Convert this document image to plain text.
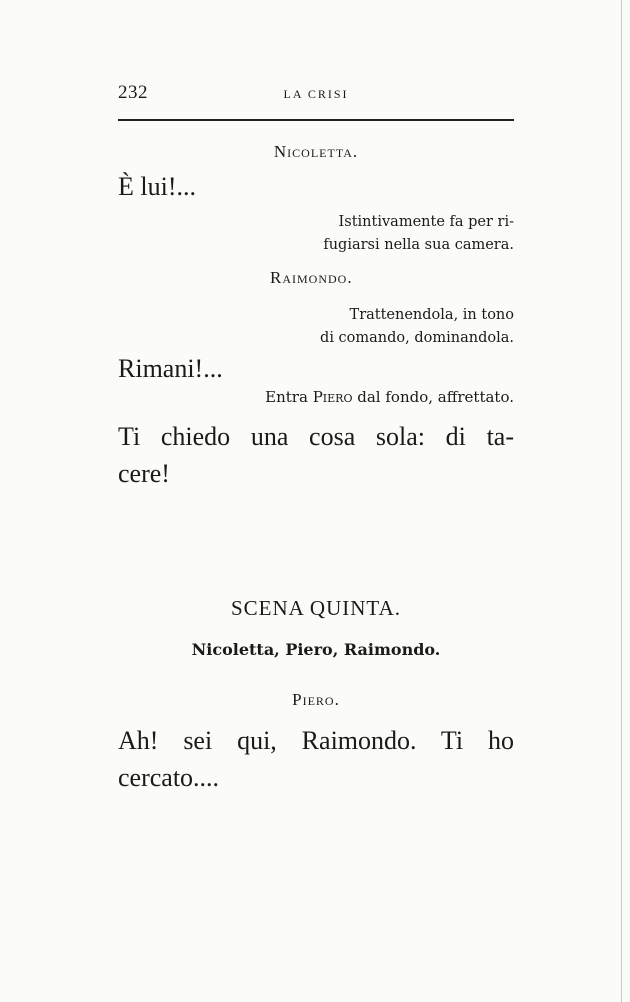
232	LA CRISI
Nicoletta.
È lui!...
Istintivamente fa per ri-
fugiarsi nella sua camera.
Raimondo.
Trattenendola, in tono
di comando, dominandola.
Rimani!...
Entra Piero dal fondo, affrettato.
Ti chiedo una cosa sola: di ta-
cere!
SCENA QUINTA.
Nicoletta, Piero, Raimondo.
Piero.
Ah! sei qui, Raimondo. Ti ho
cercato....
